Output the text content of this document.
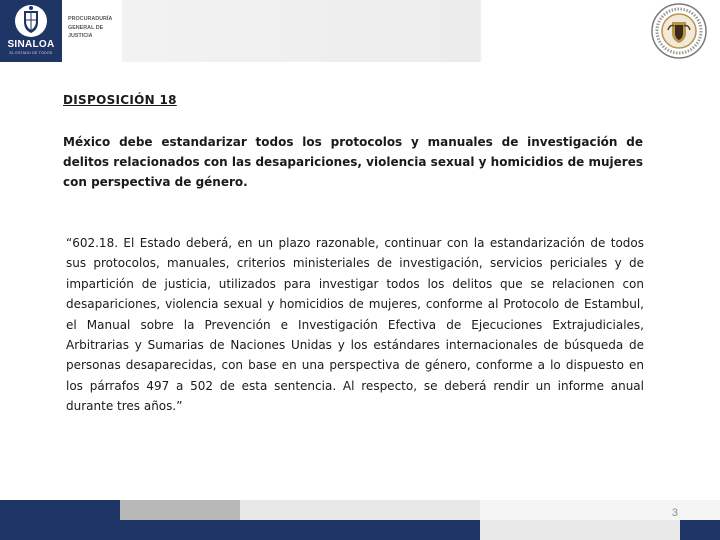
SINALOA
EL ESTADO DE TODOS
PROCURADURÍA
GENERAL DE
JUSTICIA
DISPOSICIÓN 18

México debe estandarizar todos los protocolos y manuales de investigación de delitos relacionados con las desapariciones, violencia sexual y homicidios de mujeres con perspectiva de género.

“602.18. El Estado deberá, en un plazo razonable, continuar con la estandarización de todos sus protocolos, manuales, criterios ministeriales de investigación, servicios periciales y de impartición de justicia, utilizados para investigar todos los delitos que se relacionen con desapariciones, violencia sexual y homicidios de mujeres, conforme al Protocolo de Estambul, el Manual sobre la Prevención e Investigación Efectiva de Ejecuciones Extrajudiciales, Arbitrarias y Sumarias de Naciones Unidas y los estándares internacionales de búsqueda de personas desaparecidas, con base en una perspectiva de género, conforme a lo dispuesto en los párrafos 497 a 502 de esta sentencia. Al respecto, se deberá rendir un informe anual durante tres años.”

3
